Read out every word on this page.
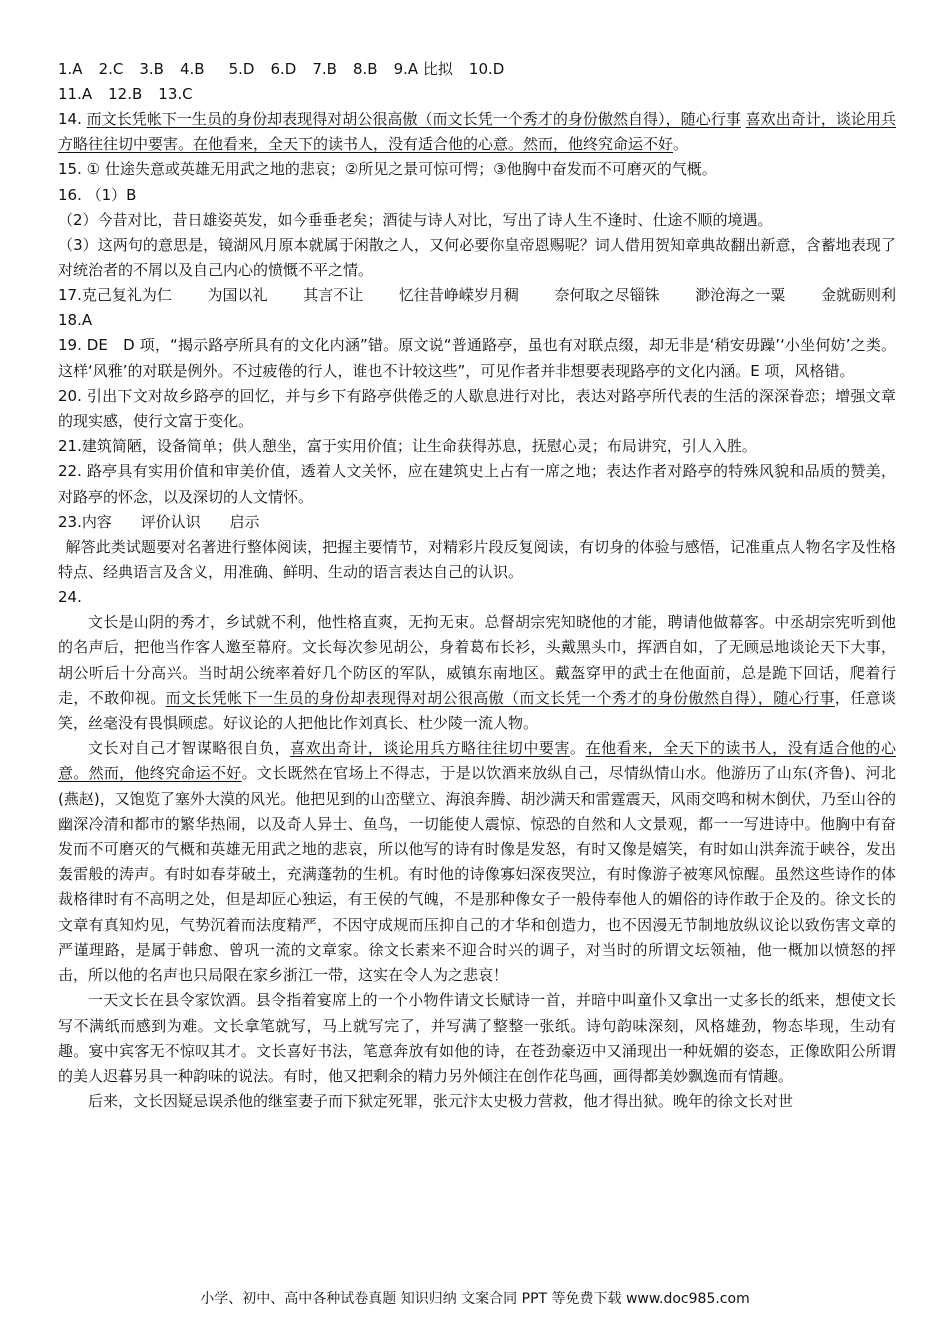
1.A 2.C 3.B 4.B 5.D 6.D 7.B 8.B 9.A 比拟 10.D
11.A 12.B 13.C

14. 而文长凭帐下一生员的身份却表现得对胡公很高傲（而文长凭一个秀才的身份傲然自得），随心行事 喜欢出奇计，谈论用兵方略往往切中要害。在他看来，全天下的读书人，没有适合他的心意。然而，他终究命运不好。

15. ① 仕途失意或英雄无用武之地的悲哀；②所见之景可惊可愕；③他胸中奋发而不可磨灭的气概。

16. （1）B

（2）今昔对比，昔日雄姿英发，如今垂垂老矣；酒徒与诗人对比，写出了诗人生不逢时、仕途不顺的境遇。

（3）这两句的意思是，镜湖风月原本就属于闲散之人，又何必要你皇帝恩赐呢？词人借用贺知章典故翻出新意，含蓄地表现了对统治者的不屑以及自己内心的愤慨不平之情。

17.克己复礼为仁 为国以礼 其言不让 忆往昔峥嵘岁月稠 奈何取之尽锱铢 渺沧海之一粟 金就砺则利
18.A

19. DE　D 项，“揭示路亭所具有的文化内涵”错。原文说“普通路亭，虽也有对联点缀，却无非是‘稍安毋躁’‘小坐何妨’之类。这样‘风雅’的对联是例外。不过疲倦的行人，谁也不计较这些”，可见作者并非想要表现路亭的文化内涵。E 项，风格错。

20. 引出下文对故乡路亭的回忆，并与乡下有路亭供倦乏的人歇息进行对比，表达对路亭所代表的生活的深深眷恋；增强文章的现实感，使行文富于变化。

21.建筑简陋，设备简单；供人憩坐，富于实用价值；让生命获得苏息，抚慰心灵；布局讲究，引人入胜。

22. 路亭具有实用价值和审美价值，透着人文关怀，应在建筑史上占有一席之地；表达作者对路亭的特殊风貌和品质的赞美，对路亭的怀念，以及深切的人文情怀。

23.内容 评价认识 启示

解答此类试题要对名著进行整体阅读，把握主要情节，对精彩片段反复阅读，有切身的体验与感悟，记准重点人物名字及性格特点、经典语言及含义，用准确、鲜明、生动的语言表达自己的认识。

24.

文长是山阴的秀才，乡试就不利，他性格直爽，无拘无束。总督胡宗宪知晓他的才能，聘请他做幕客。中丞胡宗宪听到他的名声后，把他当作客人邀至幕府。文长每次参见胡公，身着葛布长衫，头戴黑头巾，挥洒自如，了无顾忌地谈论天下大事，胡公听后十分高兴。当时胡公统率着好几个防区的军队，威镇东南地区。戴盔穿甲的武士在他面前，总是跪下回话，爬着行走，不敢仰视。而文长凭帐下一生员的身份却表现得对胡公很高傲（而文长凭一个秀才的身份傲然自得），随心行事，任意谈笑，丝毫没有畏惧顾虑。好议论的人把他比作刘真长、杜少陵一流人物。

文长对自己才智谋略很自负，喜欢出奇计，谈论用兵方略往往切中要害。在他看来，全天下的读书人，没有适合他的心意。然而，他终究命运不好。文长既然在官场上不得志，于是以饮酒来放纵自己，尽情纵情山水。他游历了山东(齐鲁)、河北(燕赵)，又饱览了塞外大漠的风光。他把见到的山峦壁立、海浪奔腾、胡沙满天和雷霆震天，风雨交鸣和树木倒伏，乃至山谷的幽深冷清和都市的繁华热闹，以及奇人异士、鱼鸟，一切能使人震惊、惊恐的自然和人文景观，都一一写进诗中。他胸中有奋发而不可磨灭的气概和英雄无用武之地的悲哀，所以他写的诗有时像是发怒，有时又像是嬉笑，有时如山洪奔流于峡谷，发出轰雷般的涛声。有时如春芽破土，充满蓬勃的生机。有时他的诗像寡妇深夜哭泣，有时像游子被寒风惊醒。虽然这些诗作的体裁格律时有不高明之处，但是却匠心独运，有王侯的气魄，不是那种像女子一般侍奉他人的媚俗的诗作敢于企及的。徐文长的文章有真知灼见，气势沉着而法度精严，不因守成规而压抑自己的才华和创造力，也不因漫无节制地放纵议论以致伤害文章的严谨理路，是属于韩愈、曾巩一流的文章家。徐文长素来不迎合时兴的调子，对当时的所谓文坛领袖，他一概加以愤怒的抨击，所以他的名声也只局限在家乡浙江一带，这实在令人为之悲哀！

一天文长在县令家饮酒。县令指着宴席上的一个小物件请文长赋诗一首，并暗中叫童仆又拿出一丈多长的纸来，想使文长写不满纸而感到为难。文长拿笔就写，马上就写完了，并写满了整整一张纸。诗句韵味深刻，风格雄劲，物态毕现，生动有趣。宴中宾客无不惊叹其才。文长喜好书法，笔意奔放有如他的诗，在苍劲豪迈中又涌现出一种妩媚的姿态，正像欧阳公所谓的美人迟暮另具一种韵味的说法。有时，他又把剩余的精力另外倾注在创作花鸟画，画得都美妙飘逸而有情趣。

后来，文长因疑忌误杀他的继室妻子而下狱定死罪，张元汴太史极力营救，他才得出狱。晚年的徐文长对世

小学、初中、高中各种试卷真题 知识归纳 文案合同 PPT 等免费下载 www.doc985.com
